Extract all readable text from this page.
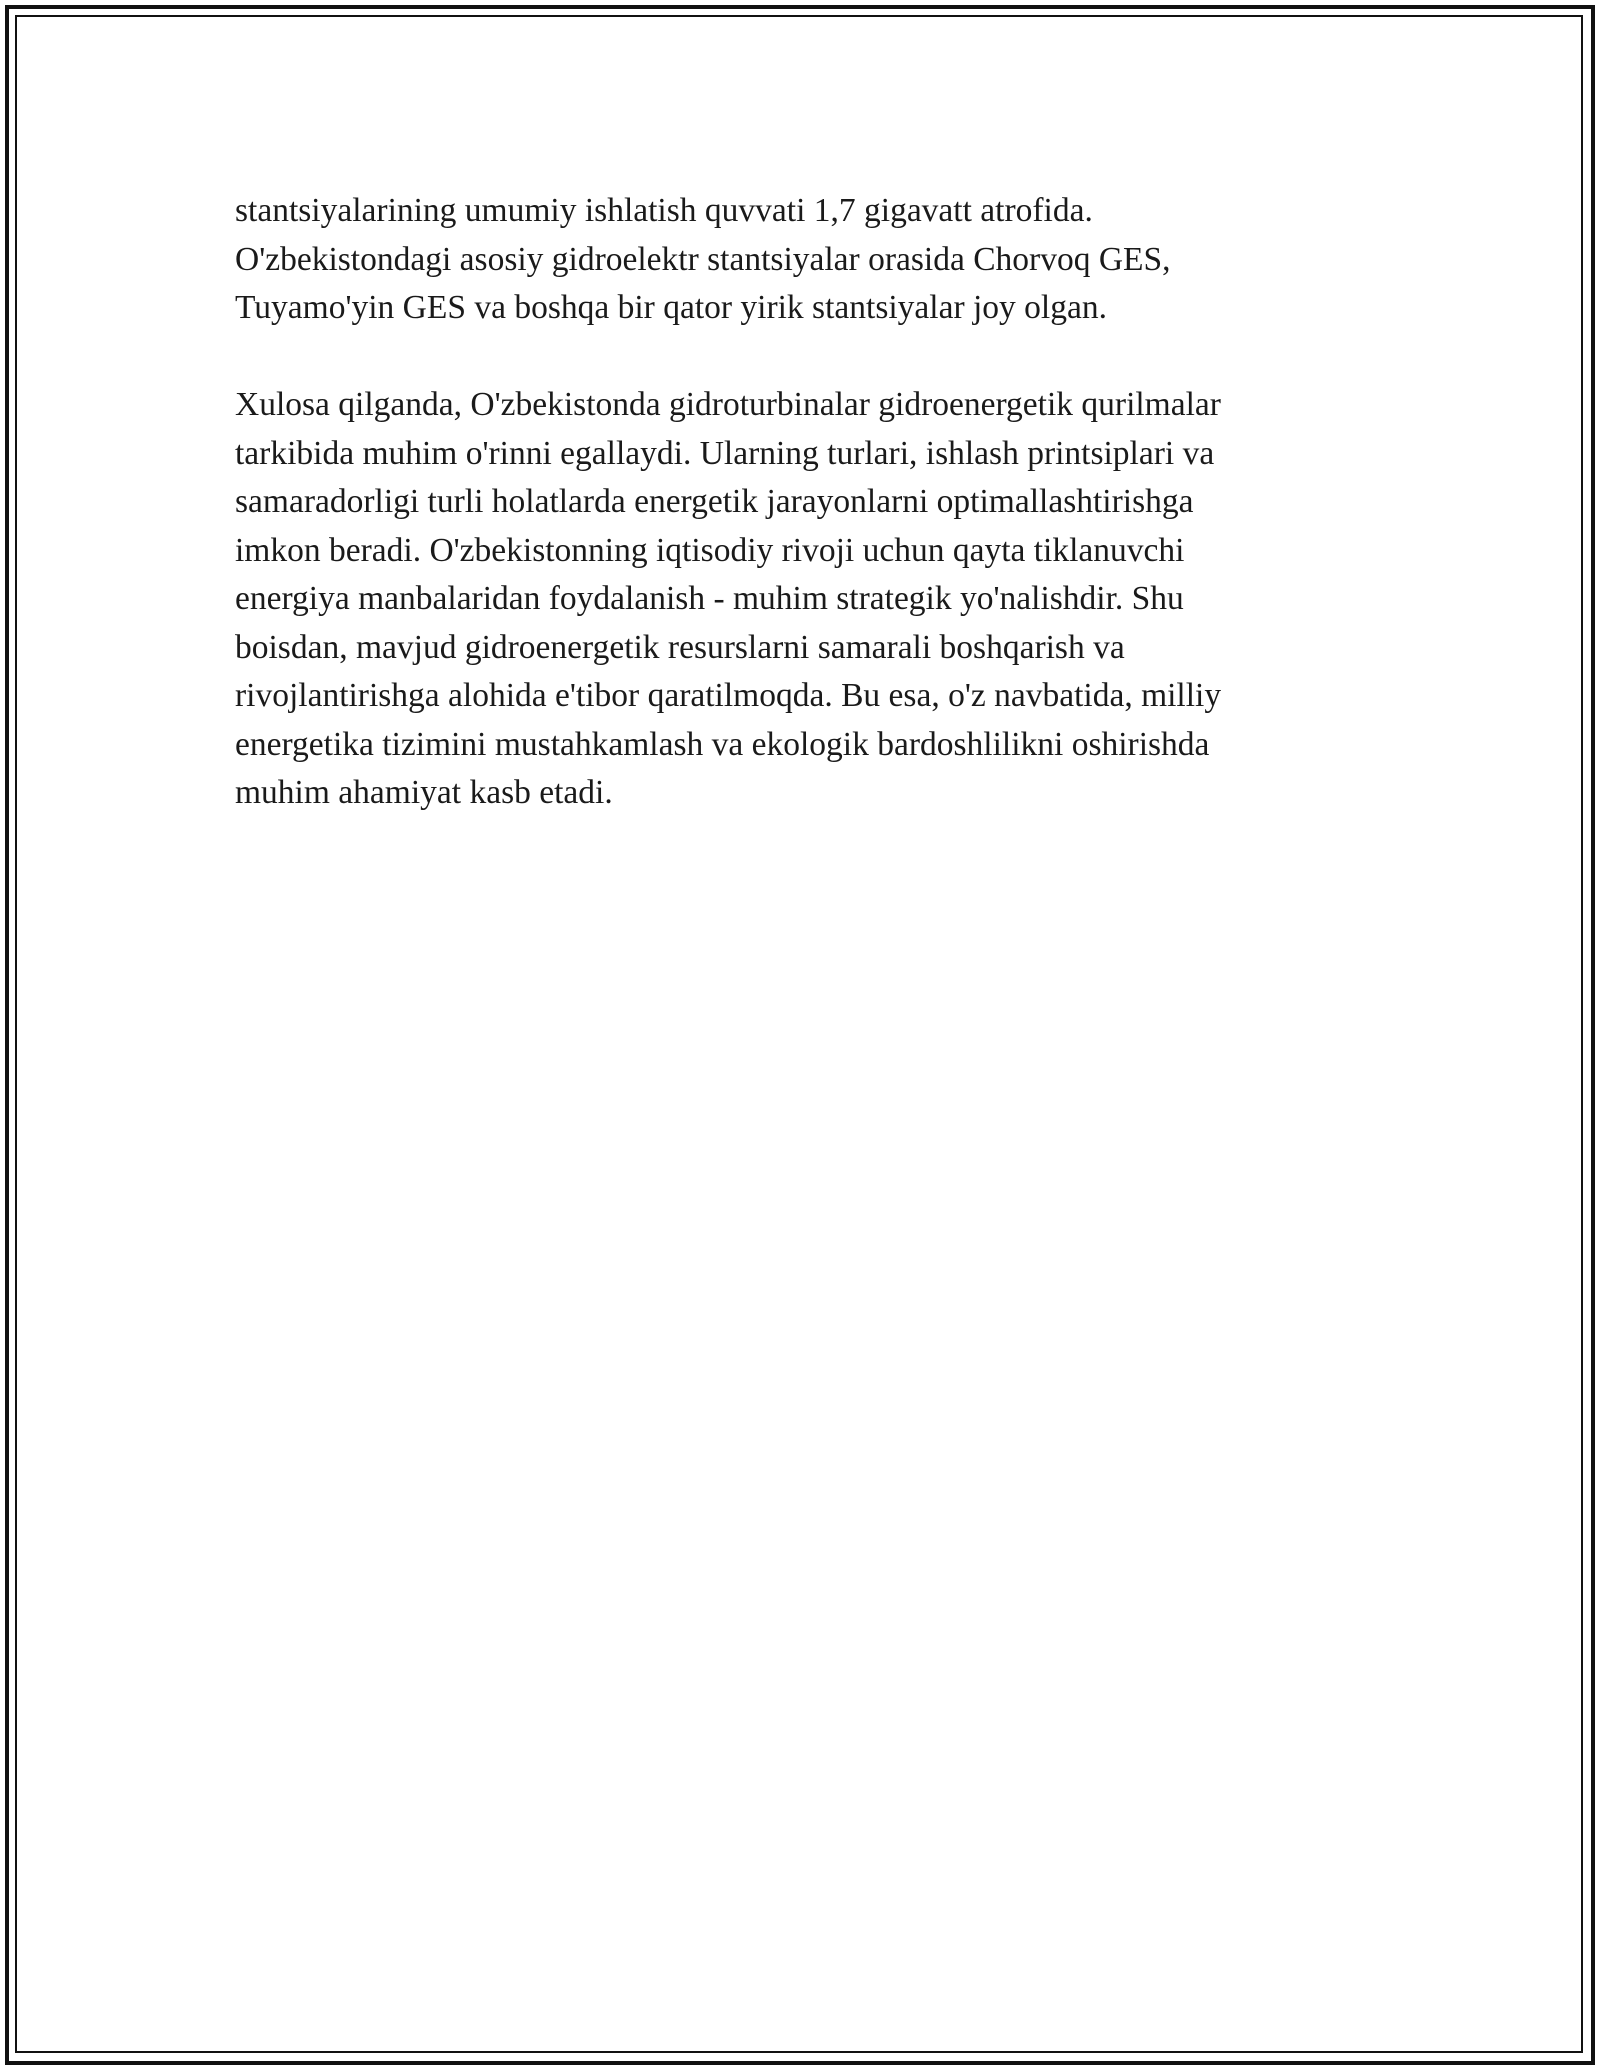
stantsiyalarining umumiy ishlatish quvvati 1,7 gigavatt atrofida.
O'zbekistondagi asosiy gidroelektr stantsiyalar orasida Chorvoq GES,
Tuyamo'yin GES va boshqa bir qator yirik stantsiyalar joy olgan.

Xulosa qilganda, O'zbekistonda gidroturbinalar gidroenergetik qurilmalar
tarkibida muhim o'rinni egallaydi. Ularning turlari, ishlash printsiplari va
samaradorligi turli holatlarda energetik jarayonlarni optimallashtirishga
imkon beradi. O'zbekistonning iqtisodiy rivoji uchun qayta tiklanuvchi
energiya manbalaridan foydalanish - muhim strategik yo'nalishdir. Shu
boisdan, mavjud gidroenergetik resurslarni samarali boshqarish va
rivojlantirishga alohida e'tibor qaratilmoqda. Bu esa, o'z navbatida, milliy
energetika tizimini mustahkamlash va ekologik bardoshlilikni oshirishda
muhim ahamiyat kasb etadi.
